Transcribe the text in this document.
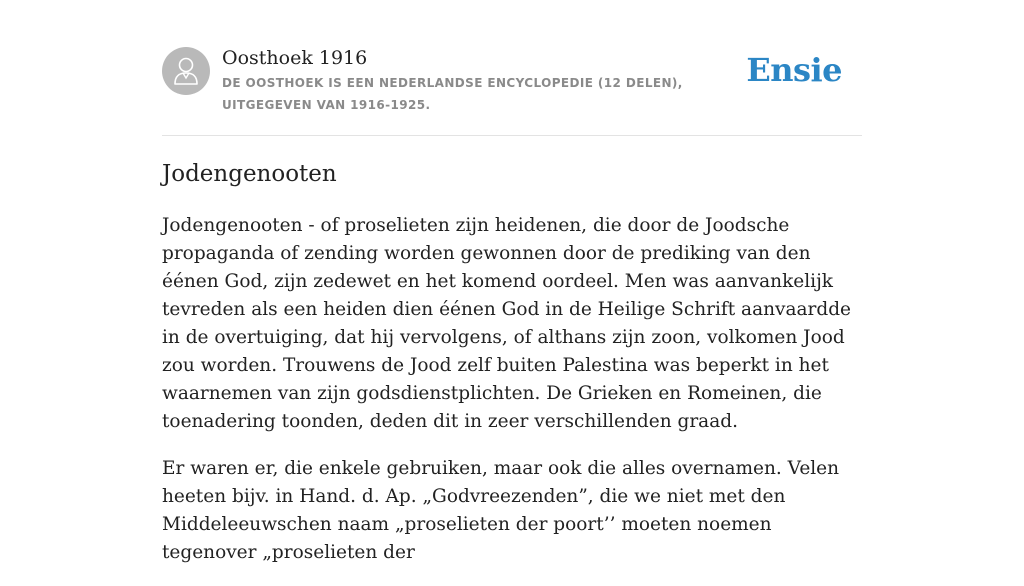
Oosthoek 1916
DE OOSTHOEK IS EEN NEDERLANDSE ENCYCLOPEDIE (12 DELEN), UITGEGEVEN VAN 1916-1925.
Ensie
Jodengenooten

Jodengenooten - of proselieten zijn heidenen, die door de Joodsche propaganda of zending worden gewonnen door de prediking van den éénen God, zijn zedewet en het komend oordeel. Men was aanvankelijk tevreden als een heiden dien éénen God in de Heilige Schrift aanvaardde in de overtuiging, dat hij vervolgens, of althans zijn zoon, volkomen Jood zou worden. Trouwens de Jood zelf buiten Palestina was beperkt in het waarnemen van zijn godsdienstplichten. De Grieken en Romeinen, die toenadering toonden, deden dit in zeer verschillenden graad.

Er waren er, die enkele gebruiken, maar ook die alles overnamen. Velen heeten bijv. in Hand. d. Ap. „Godvreezenden”, die we niet met den Middeleeuwschen naam „proselieten der poort’’ moeten noemen tegenover „proselieten der
